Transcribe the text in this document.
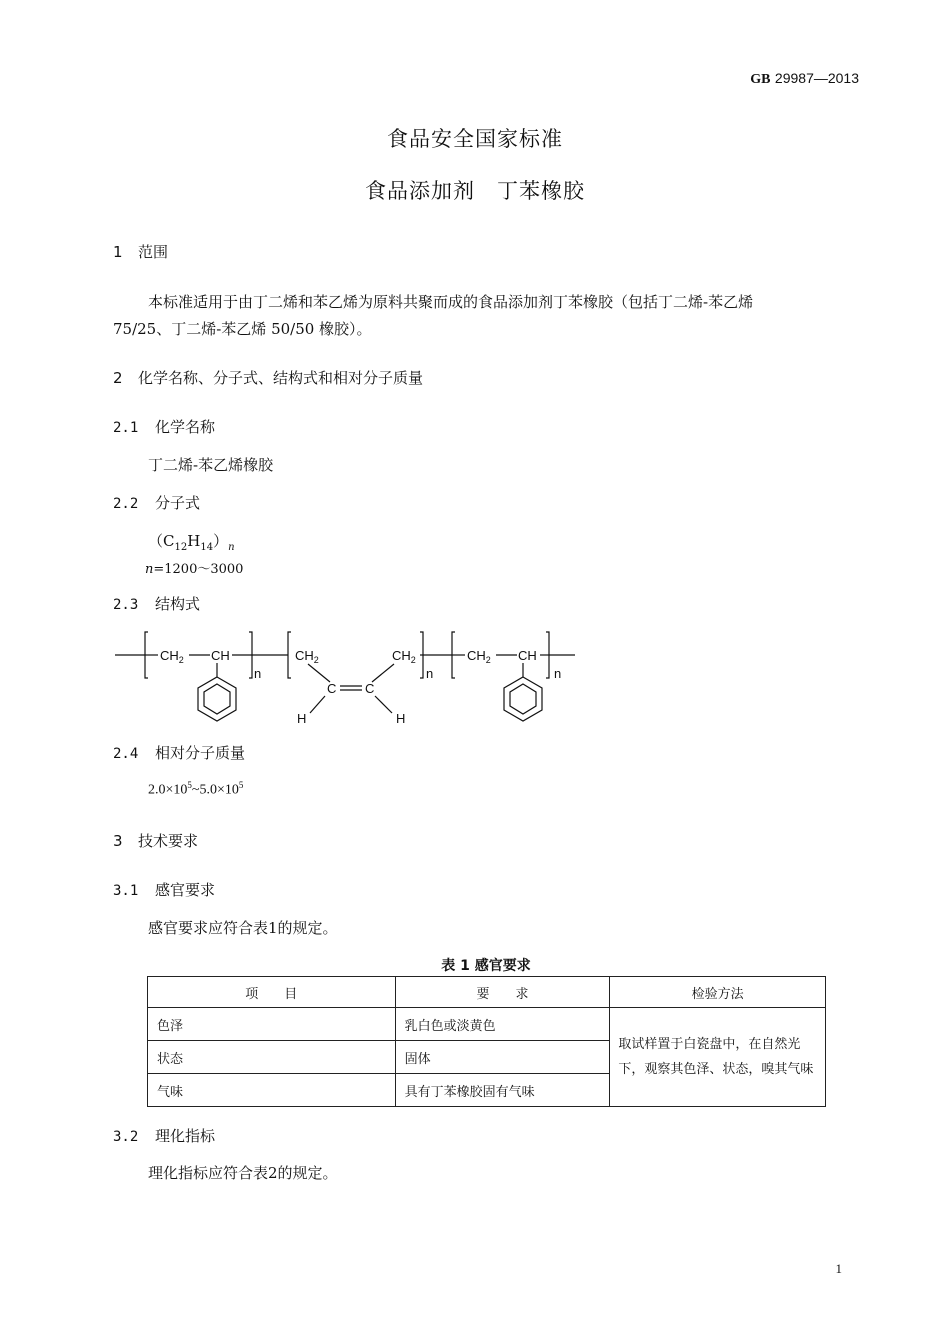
GB 29987—2013
食品安全国家标准
食品添加剂　丁苯橡胶
1 范围
本标准适用于由丁二烯和苯乙烯为原料共聚而成的食品添加剂丁苯橡胶（包括丁二烯-苯乙烯
75/25、丁二烯-苯乙烯 50/50 橡胶）。
2 化学名称、分子式、结构式和相对分子质量
2.1 化学名称
丁二烯-苯乙烯橡胶
2.2 分子式
$(C_{12}H_{14})_n$
n=1200～3000
2.3 结构式
$CH_2$ CH
n
$CH_2$
C C
H	H
$CH_2$
n
$CH_2$ CH
n
2.4 相对分子质量
$2.0\times 10^5\sim 5.0\times 10^5$
3 技术要求
3.1 感官要求
感官要求应符合表1的规定。
表 1 感官要求
项　　目	要　　求	检验方法
色泽	乳白色或淡黄色	取试样置于白瓷盘中，在自然光下，观察其色泽、状态，嗅其气味
状态	固体	
气味	具有丁苯橡胶固有气味	
3.2 理化指标
理化指标应符合表2的规定。
1
